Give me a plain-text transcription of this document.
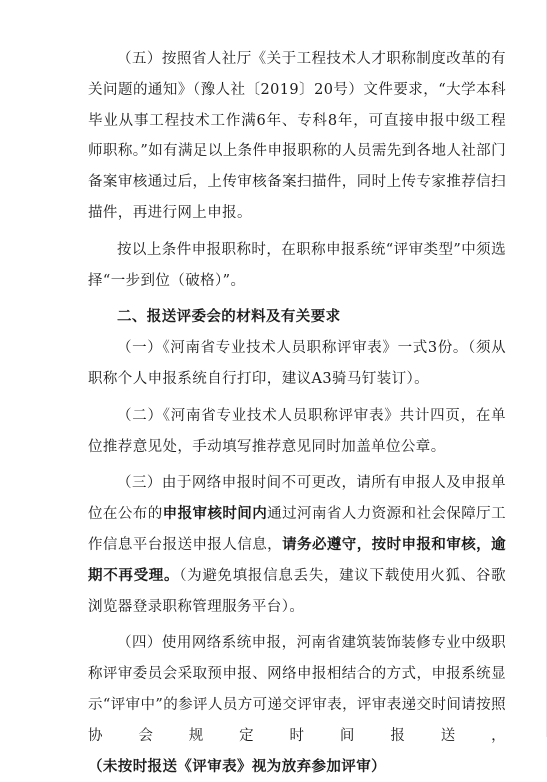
（五）按照省人社厅《关于工程技术人才职称制度改革的有关问题的通知》（豫人社〔2019〕20号）文件要求，“大学本科毕业从事工程技术工作满6年、专科8年，可直接申报中级工程师职称。”如有满足以上条件申报职称的人员需先到各地人社部门备案审核通过后，上传审核备案扫描件，同时上传专家推荐信扫描件，再进行网上申报。

按以上条件申报职称时，在职称申报系统“评审类型”中须选择“一步到位（破格）”。

二、报送评委会的材料及有关要求

（一）《河南省专业技术人员职称评审表》一式3份。（须从职称个人申报系统自行打印，建议A3骑马钉装订）。

（二）《河南省专业技术人员职称评审表》共计四页，在单位推荐意见处，手动填写推荐意见同时加盖单位公章。

（三）由于网络申报时间不可更改，请所有申报人及申报单位在公布的申报审核时间内通过河南省人力资源和社会保障厅工作信息平台报送申报人信息，请务必遵守，按时申报和审核，逾期不再受理。（为避免填报信息丢失，建议下载使用火狐、谷歌浏览器登录职称管理服务平台）。

（四）使用网络系统申报，河南省建筑装饰装修专业中级职称评审委员会采取预申报、网络申报相结合的方式，申报系统显示“评审中”的参评人员方可递交评审表，评审表递交时间请按照协会规定时间报送，（未按时报送《评审表》视为放弃参加评审）
